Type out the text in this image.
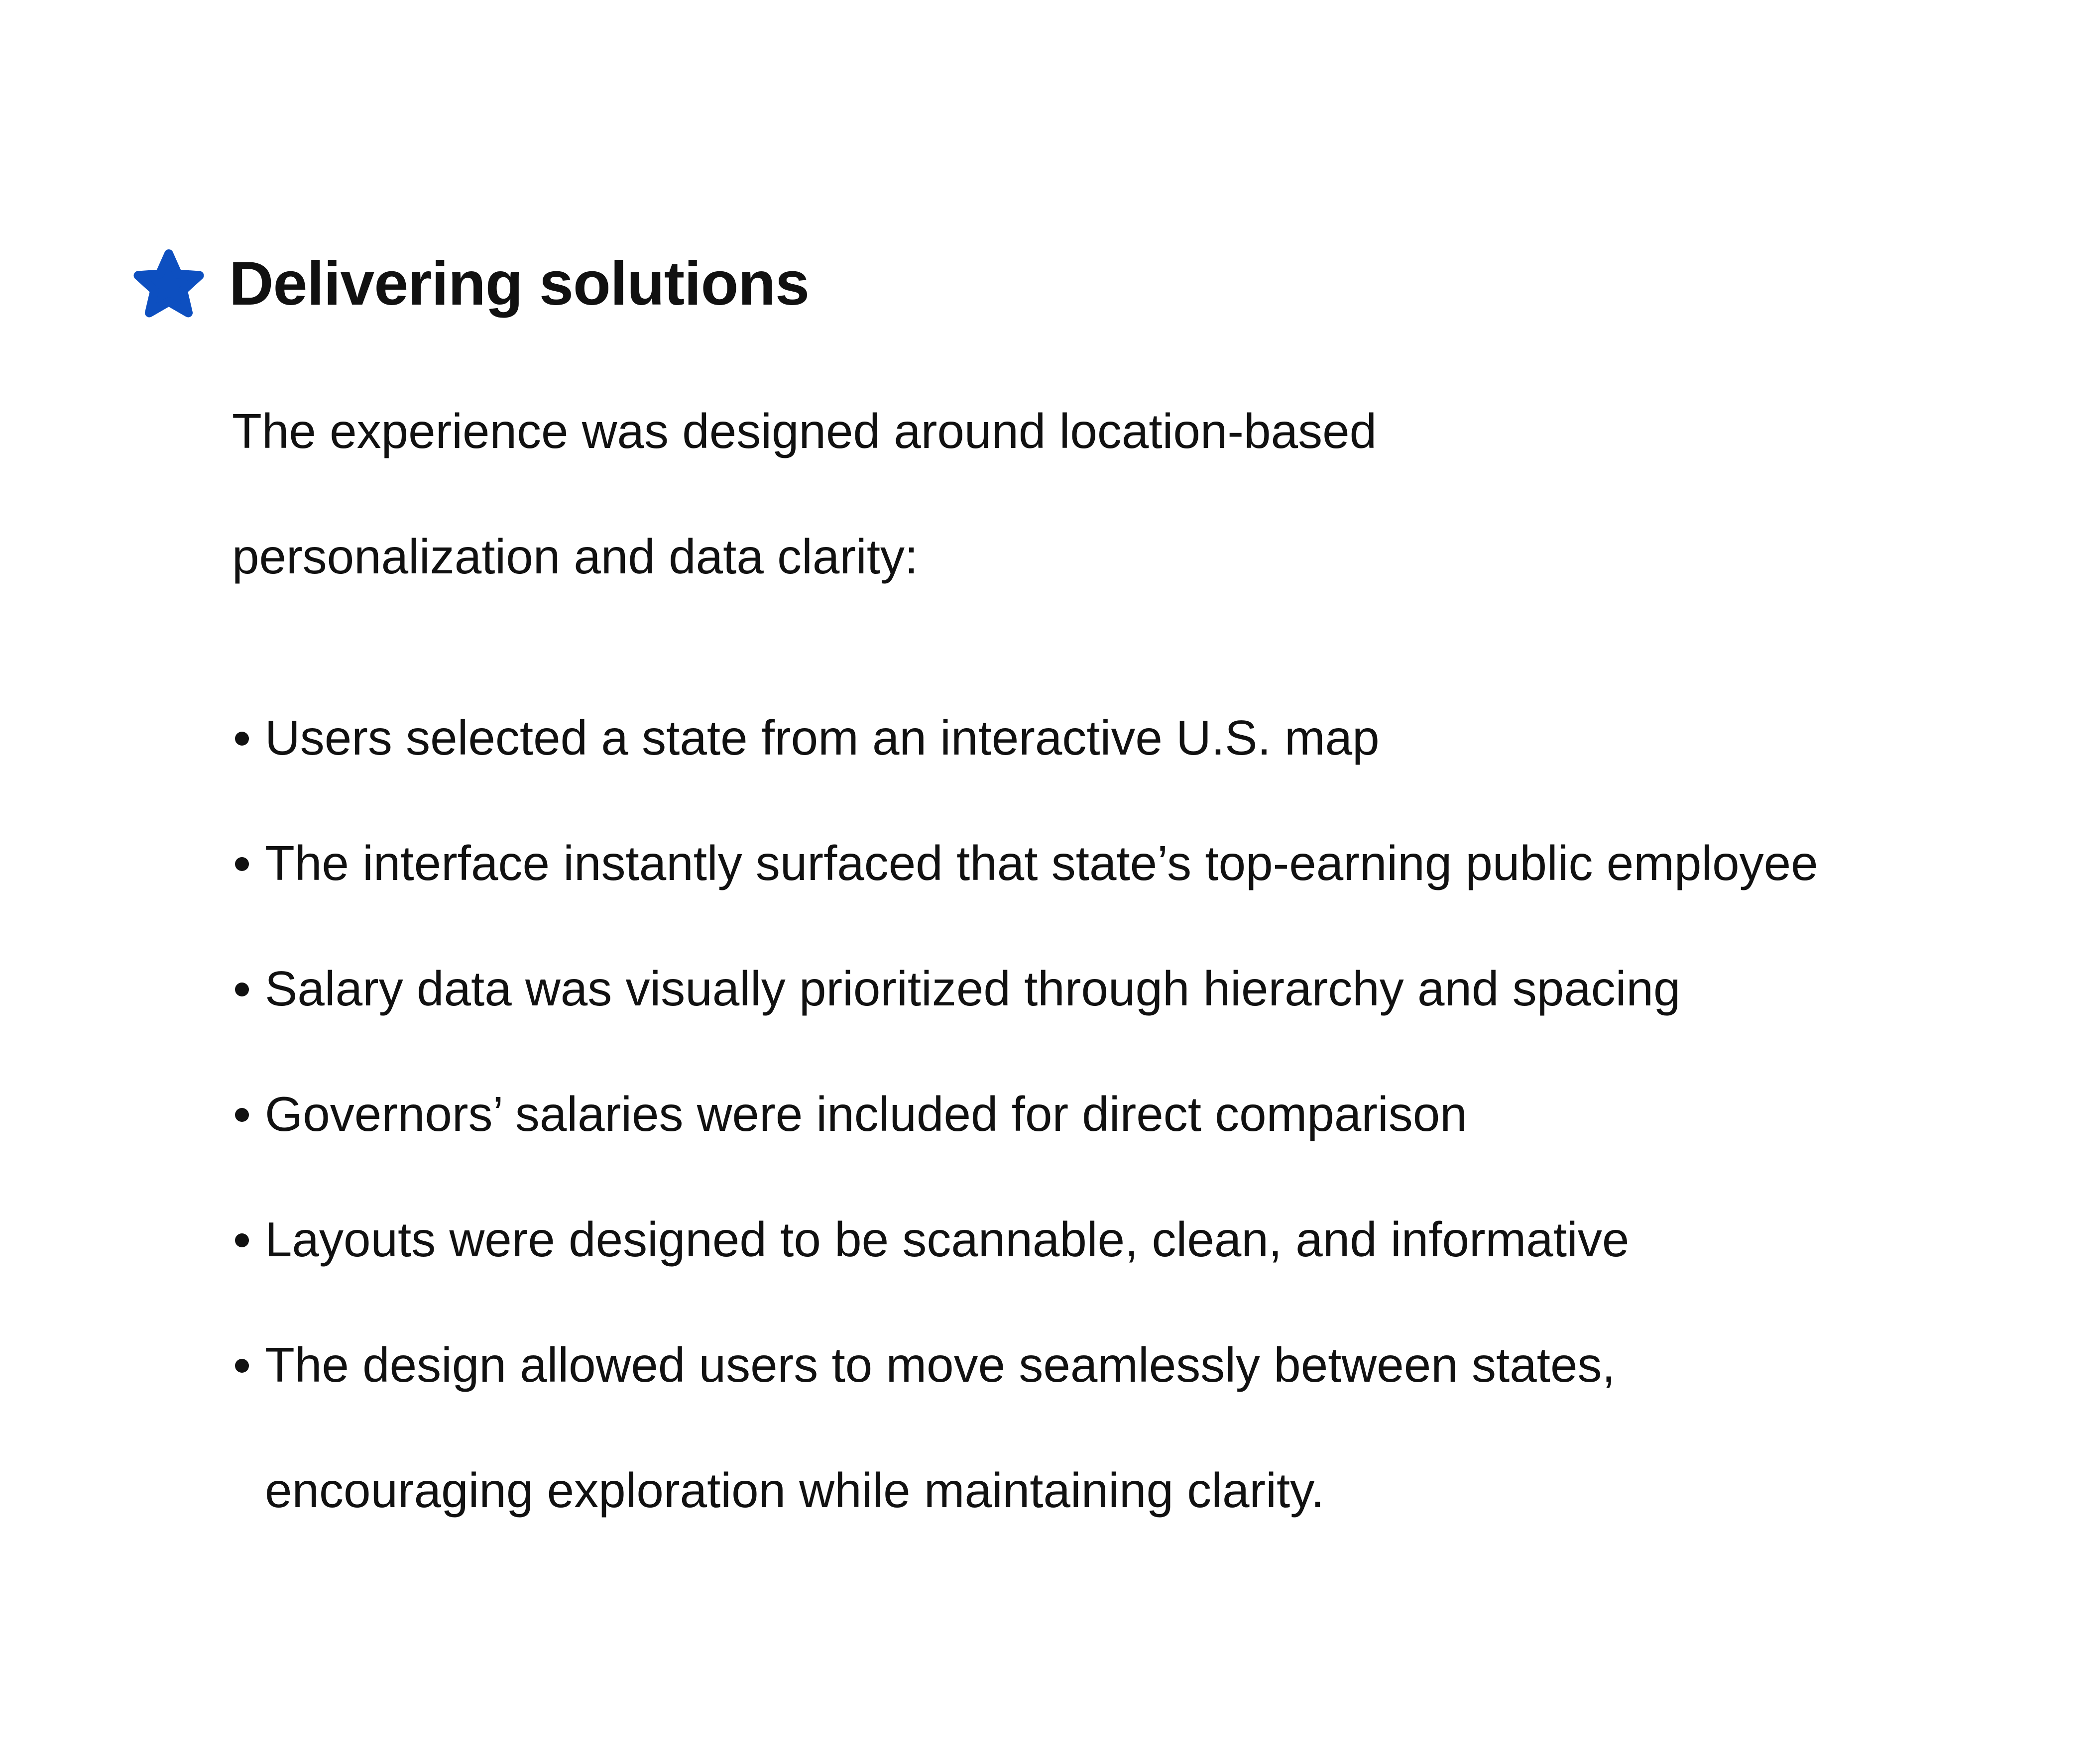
Delivering solutions

The experience was designed around location-based
personalization and data clarity:

Users selected a state from an interactive U.S. map
The interface instantly surfaced that state’s top-earning public employee
Salary data was visually prioritized through hierarchy and spacing
Governors’ salaries were included for direct comparison
Layouts were designed to be scannable, clean, and informative
The design allowed users to move seamlessly between states,
encouraging exploration while maintaining clarity.
